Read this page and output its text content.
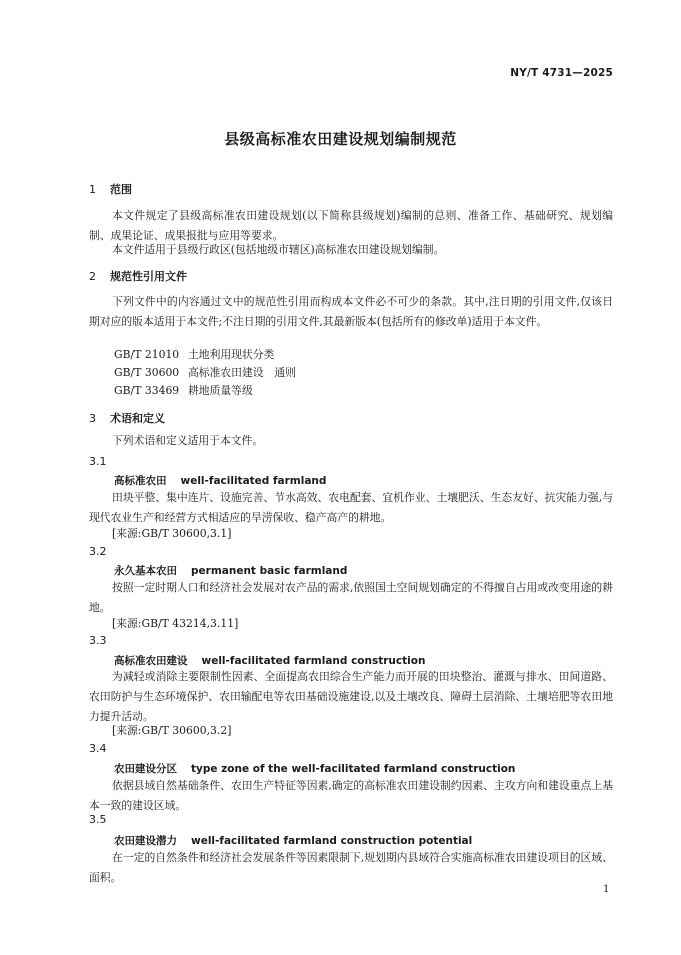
NY/T 4731—2025
县级高标准农田建设规划编制规范
1 范围
本文件规定了县级高标准农田建设规划(以下简称县级规划)编制的总则、准备工作、基础研究、规划编制、成果论证、成果报批与应用等要求。
本文件适用于县级行政区(包括地级市辖区)高标准农田建设规划编制。
2 规范性引用文件
下列文件中的内容通过文中的规范性引用而构成本文件必不可少的条款。其中,注日期的引用文件,仅该日期对应的版本适用于本文件;不注日期的引用文件,其最新版本(包括所有的修改单)适用于本文件。
GB/T 21010 土地利用现状分类
GB/T 30600 高标准农田建设　通则
GB/T 33469 耕地质量等级
3 术语和定义
下列术语和定义适用于本文件。
3.1
高标准农田 well-facilitated farmland
田块平整、集中连片、设施完善、节水高效、农电配套、宜机作业、土壤肥沃、生态友好、抗灾能力强,与现代农业生产和经营方式相适应的旱涝保收、稳产高产的耕地。
[来源:GB/T 30600,3.1]
3.2
永久基本农田 permanent basic farmland
按照一定时期人口和经济社会发展对农产品的需求,依照国土空间规划确定的不得擅自占用或改变用途的耕地。
[来源:GB/T 43214,3.11]
3.3
高标准农田建设 well-facilitated farmland construction
为减轻或消除主要限制性因素、全面提高农田综合生产能力而开展的田块整治、灌溉与排水、田间道路、农田防护与生态环境保护、农田输配电等农田基础设施建设,以及土壤改良、障碍土层消除、土壤培肥等农田地力提升活动。
[来源:GB/T 30600,3.2]
3.4
农田建设分区 type zone of the well-facilitated farmland construction
依据县域自然基础条件、农田生产特征等因素,确定的高标准农田建设制约因素、主攻方向和建设重点上基本一致的建设区域。
3.5
农田建设潜力 well-facilitated farmland construction potential
在一定的自然条件和经济社会发展条件等因素限制下,规划期内县域符合实施高标准农田建设项目的区域、面积。
1
